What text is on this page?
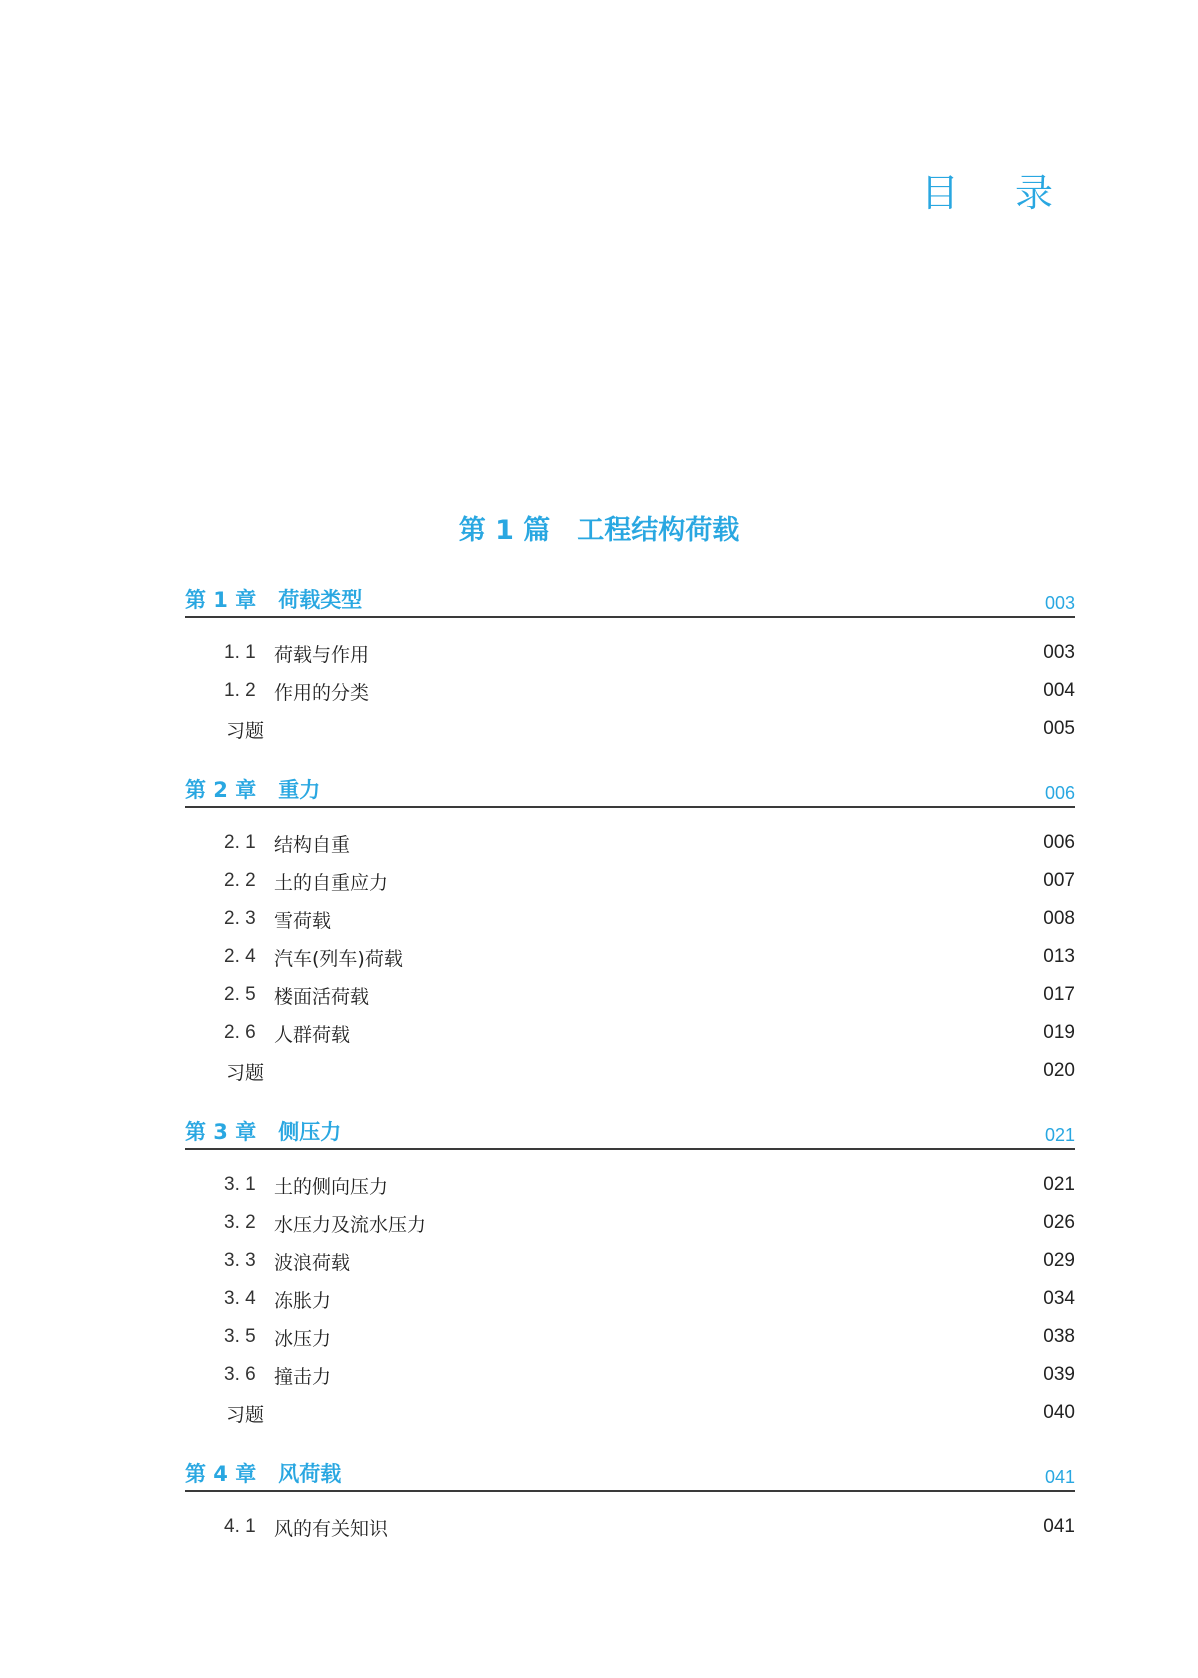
目 录
第 1 篇　工程结构荷载
第 1 章 荷载类型	003
1. 1 荷载与作用	003
1. 2 作用的分类	004
习题	005
第 2 章 重力	006
2. 1 结构自重	006
2. 2 土的自重应力	007
2. 3 雪荷载	008
2. 4 汽车(列车)荷载	013
2. 5 楼面活荷载	017
2. 6 人群荷载	019
习题	020
第 3 章 侧压力	021
3. 1 土的侧向压力	021
3. 2 水压力及流水压力	026
3. 3 波浪荷载	029
3. 4 冻胀力	034
3. 5 冰压力	038
3. 6 撞击力	039
习题	040
第 4 章 风荷载	041
4. 1 风的有关知识	041
